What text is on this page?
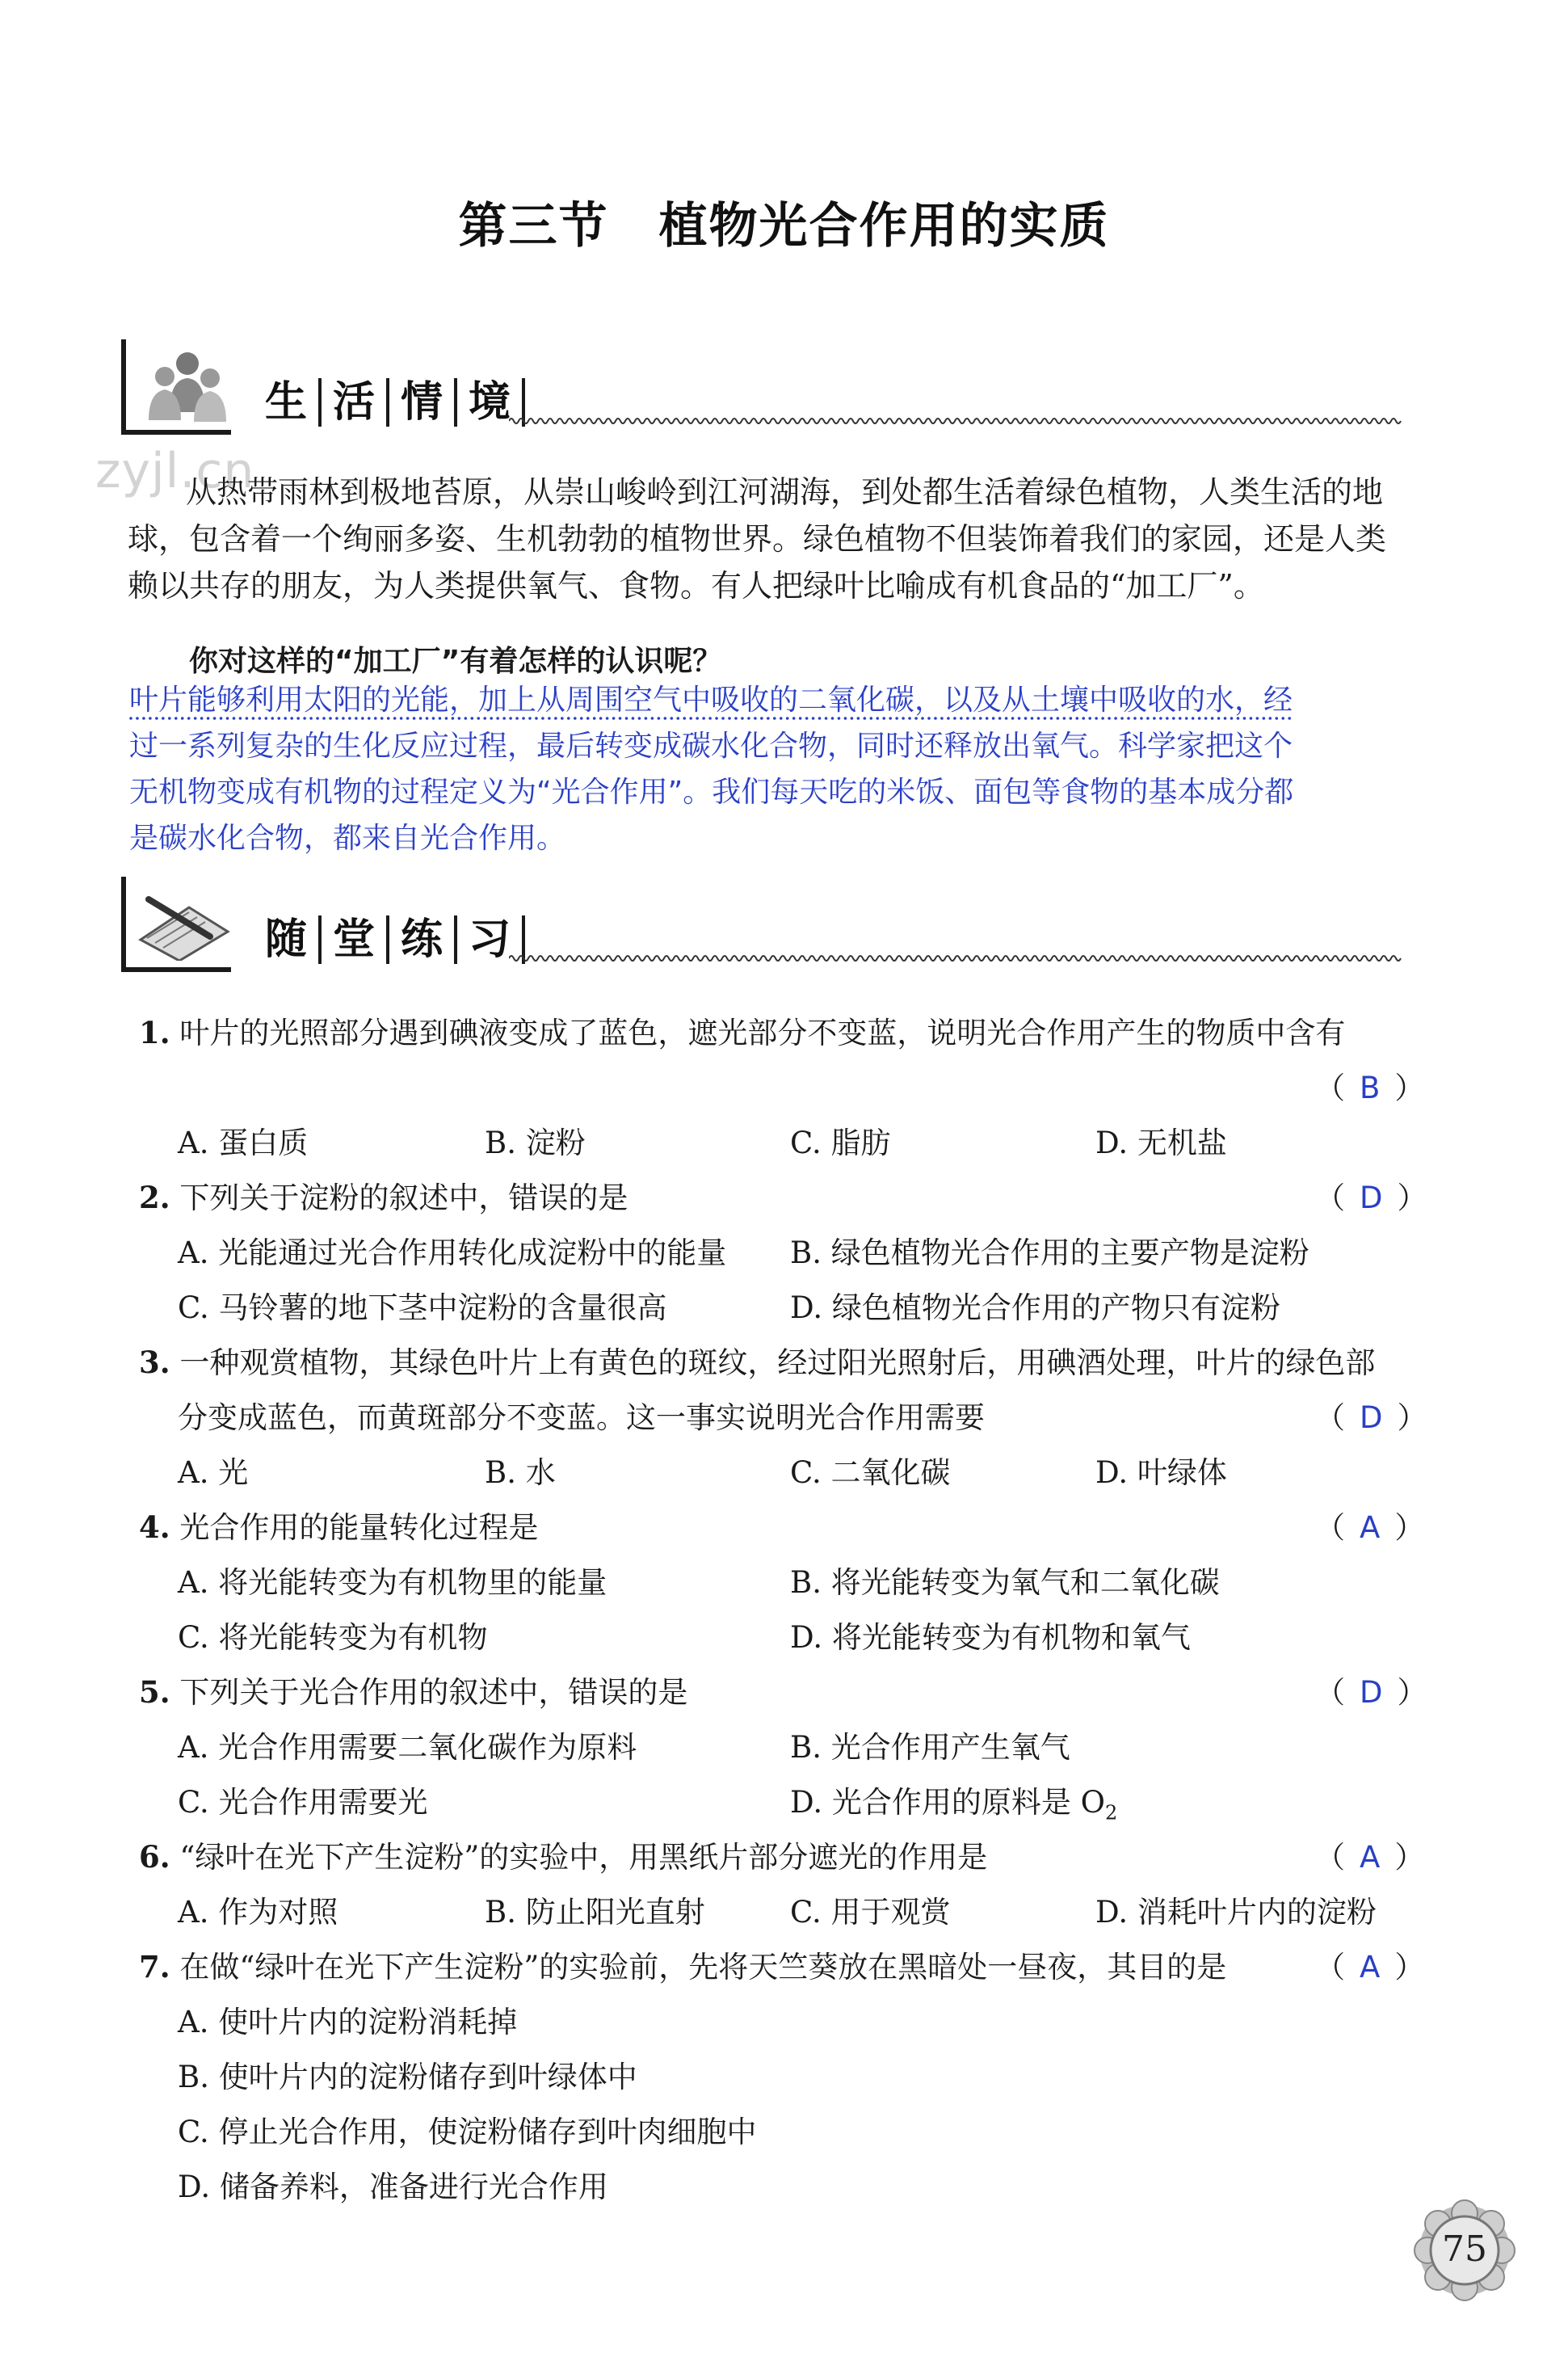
zyjl.cn
第三节　植物光合作用的实质
生 活 情 境
从热带雨林到极地苔原，从崇山峻岭到江河湖海，到处都生活着绿色植物，人类生活的地
球，包含着一个绚丽多姿、生机勃勃的植物世界。绿色植物不但装饰着我们的家园，还是人类
赖以共存的朋友，为人类提供氧气、食物。有人把绿叶比喻成有机食品的“加工厂”。
你对这样的“加工厂”有着怎样的认识呢？
叶片能够利用太阳的光能，加上从周围空气中吸收的二氧化碳，以及从土壤中吸收的水，经
过一系列复杂的生化反应过程，最后转变成碳水化合物，同时还释放出氧气。科学家把这个
无机物变成有机物的过程定义为“光合作用”。我们每天吃的米饭、面包等食物的基本成分都
是碳水化合物，都来自光合作用。
随 堂 练 习
1. 叶片的光照部分遇到碘液变成了蓝色，遮光部分不变蓝，说明光合作用产生的物质中含有
（ B ）
A. 蛋白质	B. 淀粉	C. 脂肪	D. 无机盐
2. 下列关于淀粉的叙述中，错误的是	（ D ）
A. 光能通过光合作用转化成淀粉中的能量 B. 绿色植物光合作用的主要产物是淀粉
C. 马铃薯的地下茎中淀粉的含量很高	D. 绿色植物光合作用的产物只有淀粉
3. 一种观赏植物，其绿色叶片上有黄色的斑纹，经过阳光照射后，用碘酒处理，叶片的绿色部
分变成蓝色，而黄斑部分不变蓝。这一事实说明光合作用需要	（ D ）
A. 光	B. 水	C. 二氧化碳	D. 叶绿体
4. 光合作用的能量转化过程是	（ A ）
A. 将光能转变为有机物里的能量	B. 将光能转变为氧气和二氧化碳
C. 将光能转变为有机物	D. 将光能转变为有机物和氧气
5. 下列关于光合作用的叙述中，错误的是	（ D ）
A. 光合作用需要二氧化碳作为原料	B. 光合作用产生氧气
C. 光合作用需要光	D. 光合作用的原料是 $O_2$
6. “绿叶在光下产生淀粉”的实验中，用黑纸片部分遮光的作用是	（ A ）
A. 作为对照	B. 防止阳光直射	C. 用于观赏	D. 消耗叶片内的淀粉
7. 在做“绿叶在光下产生淀粉”的实验前，先将天竺葵放在黑暗处一昼夜，其目的是	（ A ）
A. 使叶片内的淀粉消耗掉
B. 使叶片内的淀粉储存到叶绿体中
C. 停止光合作用，使淀粉储存到叶肉细胞中
D. 储备养料，准备进行光合作用
75
